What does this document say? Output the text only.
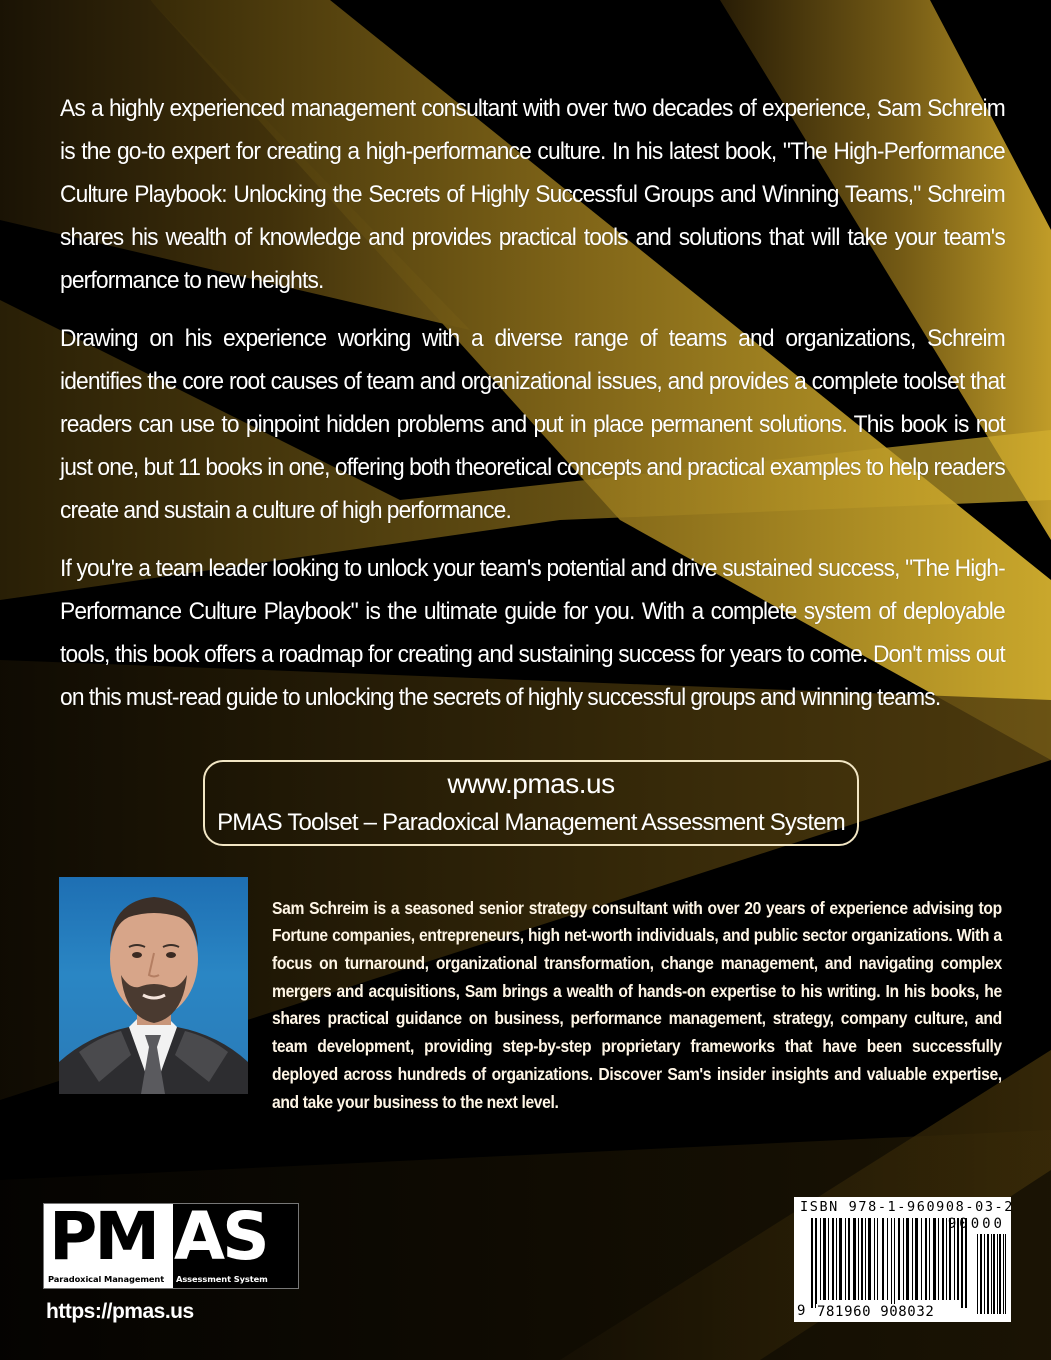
As a highly experienced management consultant with over two decades of experience, Sam Schreim is the go-to expert for creating a high-performance culture. In his latest book, "The High-Performance Culture Playbook: Unlocking the Secrets of Highly Successful Groups and Winning Teams," Schreim shares his wealth of knowledge and provides practical tools and solutions that will take your team's performance to new heights.

Drawing on his experience working with a diverse range of teams and organizations, Schreim identifies the core root causes of team and organizational issues, and provides a complete toolset that readers can use to pinpoint hidden problems and put in place permanent solutions. This book is not just one, but 11 books in one, offering both theoretical concepts and practical examples to help readers create and sustain a culture of high performance.

If you're a team leader looking to unlock your team's potential and drive sustained success, "The High-Performance Culture Playbook" is the ultimate guide for you. With a complete system of deployable tools, this book offers a roadmap for creating and sustaining success for years to come. Don't miss out on this must-read guide to unlocking the secrets of highly successful groups and winning teams.

www.pmas.us
PMAS Toolset – Paradoxical Management Assessment System

Sam Schreim is a seasoned senior strategy consultant with over 20 years of experience advising top Fortune companies, entrepreneurs, high net-worth individuals, and public sector organizations. With a focus on turnaround, organizational transformation, change management, and navigating complex mergers and acquisitions, Sam brings a wealth of hands-on expertise to his writing. In his books, he shares practical guidance on business, performance management, strategy, company culture, and team development, providing step-by-step proprietary frameworks that have been successfully deployed across hundreds of organizations. Discover Sam's insider insights and valuable expertise, and take your business to the next level.

PM
Paradoxical Management
AS
Assessment System
https://pmas.us
ISBN 978-1-960908-03-2
90000
9 781960 908032
